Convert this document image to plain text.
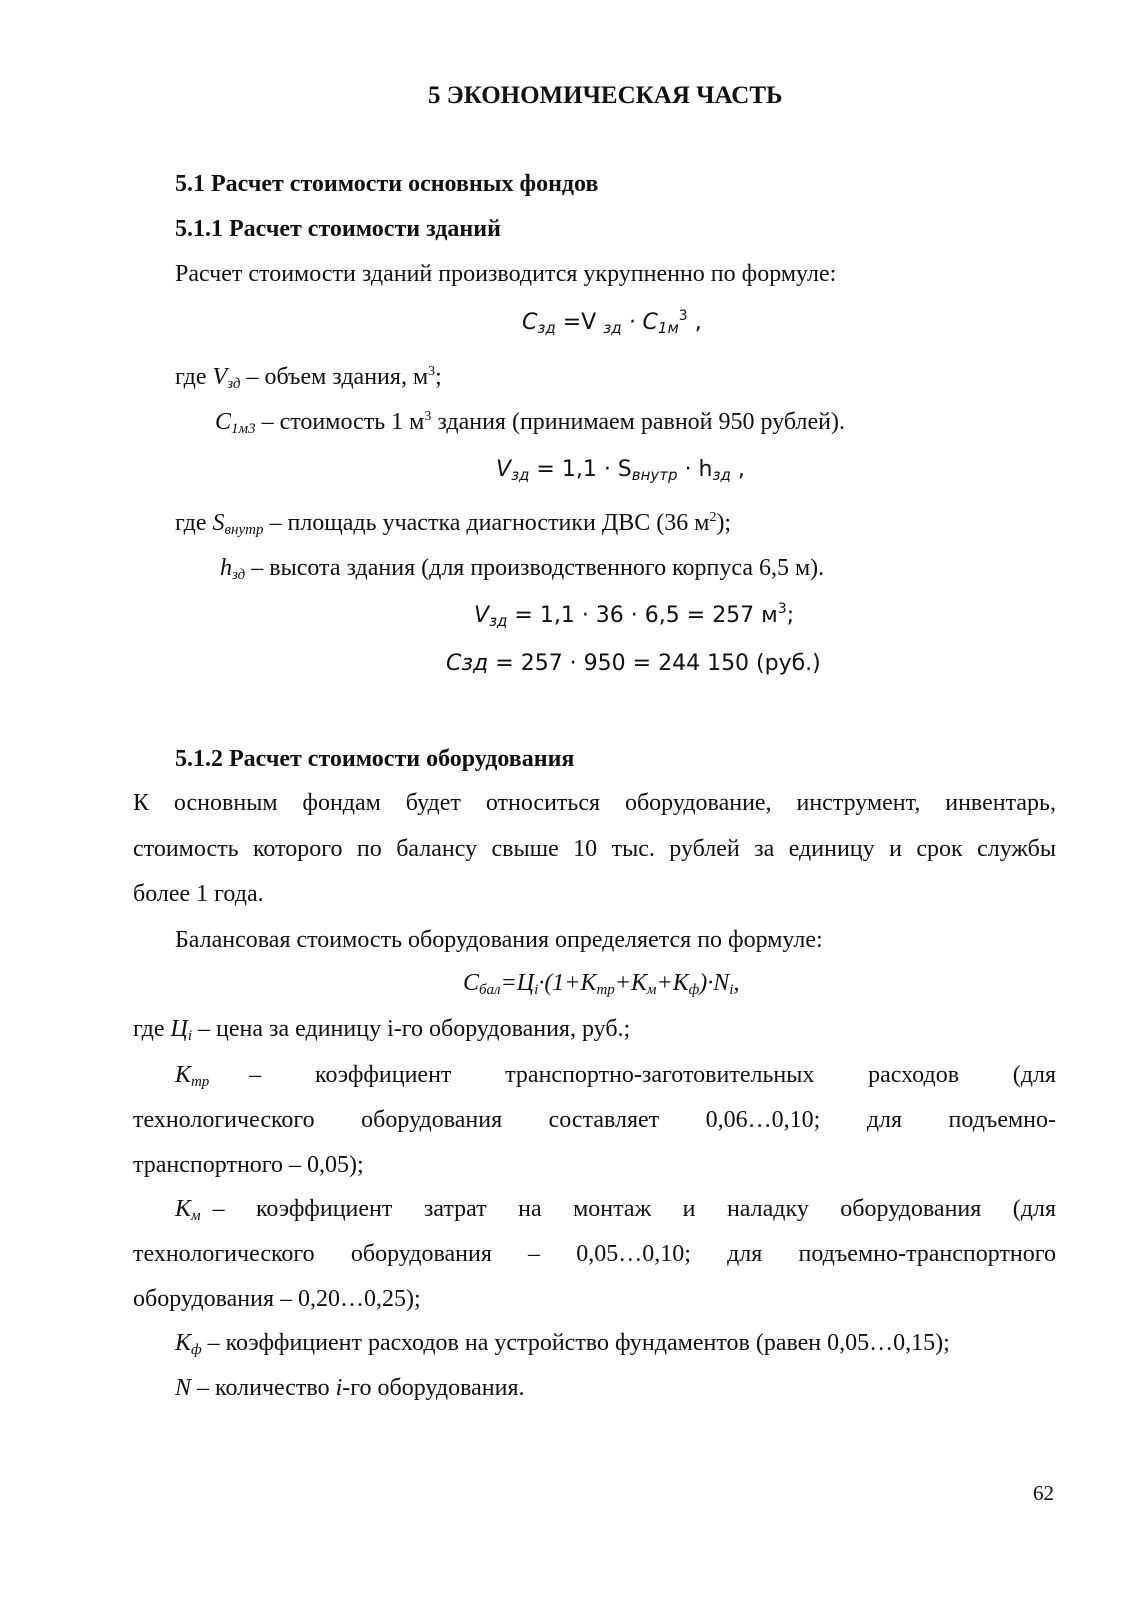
5 ЭКОНОМИЧЕСКАЯ ЧАСТЬ
5.1 Расчет стоимости основных фондов
5.1.1 Расчет стоимости зданий
Расчет стоимости зданий производится укрупненно по формуле:
$С_{зд} =V$ $_{зд} \cdot С_{1м}^3$ ,
где $V_{зд}$ – объем здания, $м^3$;
$С_{1м3}$ – стоимость 1 $м^3$ здания (принимаем равной 950 рублей).
$V_{зд} = 1,1 \cdot S_{внутр} \cdot h_{зд}$ ,
где $S_{внутр}$ – площадь участка диагностики ДВС (36 $м^2$);
$h_{зд}$ – высота здания (для производственного корпуса 6,5 м).
$V_{зд} = 1,1 \cdot 36 \cdot 6,5 = 257$ $м^3$;
Сзд = 257 · 950 = 244 150 (руб.)
5.1.2 Расчет стоимости оборудования
К основным фондам будет относиться оборудование, инструмент, инвентарь,
стоимость которого по балансу свыше 10 тыс. рублей за единицу и срок службы
более 1 года.
Балансовая стоимость оборудования определяется по формуле:
$С_{бал}=Ц_i\cdot(1+К_{тр}+К_м+К_ф)\cdot N_i$,
где $Ц_i$ – цена за единицу i-го оборудования, руб.;
$К_{тр}$ – коэффициент транспортно-заготовительных расходов (для
технологического оборудования составляет 0,06…0,10; для подъемно-
транспортного – 0,05);
$К_м$ – коэффициент затрат на монтаж и наладку оборудования (для
технологического оборудования – 0,05…0,10; для подъемно-транспортного
оборудования – 0,20…0,25);
$К_ф$ – коэффициент расходов на устройство фундаментов (равен 0,05…0,15);
N – количество i-го оборудования.
62
